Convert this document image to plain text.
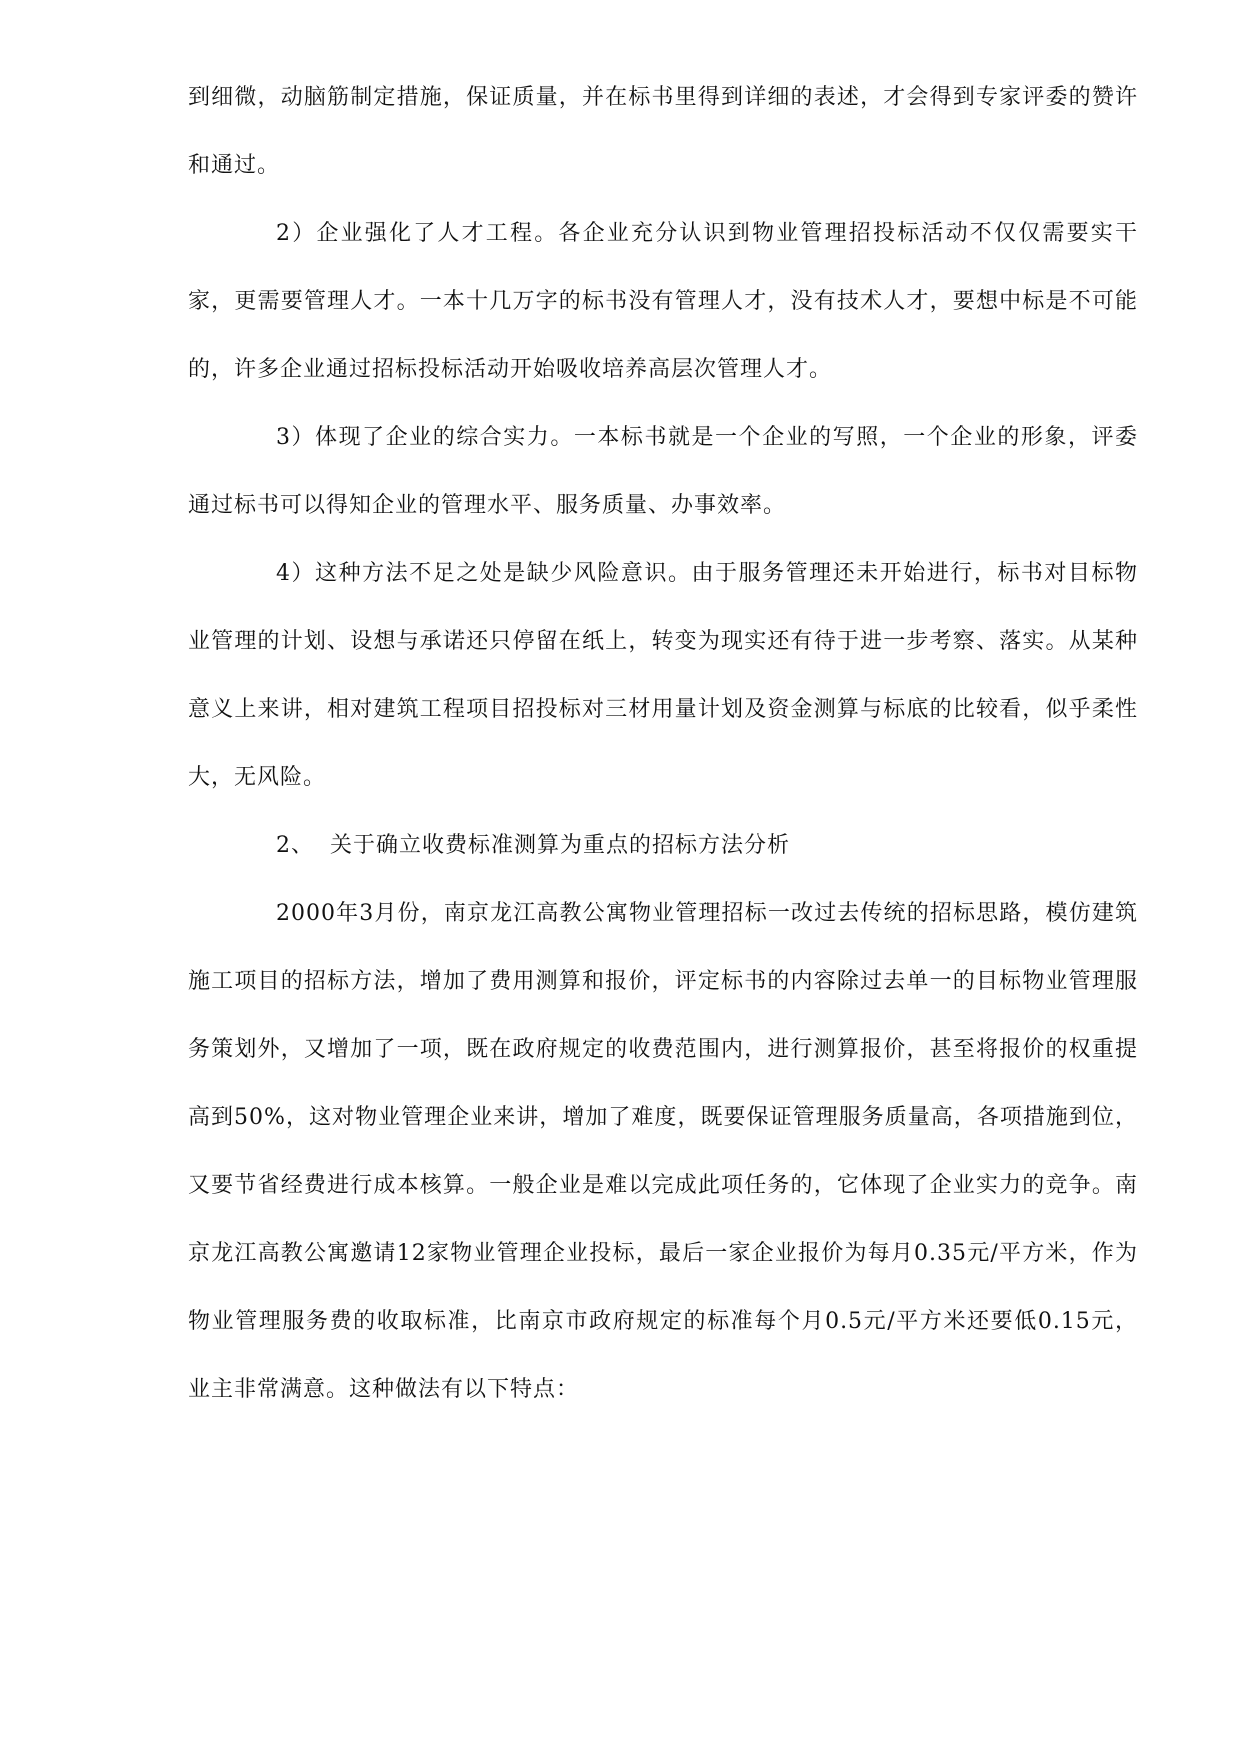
到细微，动脑筋制定措施，保证质量，并在标书里得到详细的表述，才会得到专家评委的赞许和通过。

2）企业强化了人才工程。各企业充分认识到物业管理招投标活动不仅仅需要实干家，更需要管理人才。一本十几万字的标书没有管理人才，没有技术人才，要想中标是不可能的，许多企业通过招标投标活动开始吸收培养高层次管理人才。

3）体现了企业的综合实力。一本标书就是一个企业的写照，一个企业的形象，评委通过标书可以得知企业的管理水平、服务质量、办事效率。

4）这种方法不足之处是缺少风险意识。由于服务管理还未开始进行，标书对目标物业管理的计划、设想与承诺还只停留在纸上，转变为现实还有待于进一步考察、落实。从某种意义上来讲，相对建筑工程项目招投标对三材用量计划及资金测算与标底的比较看，似乎柔性大，无风险。

2、  关于确立收费标准测算为重点的招标方法分析

2000年3月份，南京龙江高教公寓物业管理招标一改过去传统的招标思路，模仿建筑施工项目的招标方法，增加了费用测算和报价，评定标书的内容除过去单一的目标物业管理服务策划外，又增加了一项，既在政府规定的收费范围内，进行测算报价，甚至将报价的权重提高到50%，这对物业管理企业来讲，增加了难度，既要保证管理服务质量高，各项措施到位，又要节省经费进行成本核算。一般企业是难以完成此项任务的，它体现了企业实力的竞争。南京龙江高教公寓邀请12家物业管理企业投标，最后一家企业报价为每月0.35元/平方米，作为物业管理服务费的收取标准，比南京市政府规定的标准每个月0.5元/平方米还要低0.15元，业主非常满意。这种做法有以下特点：
